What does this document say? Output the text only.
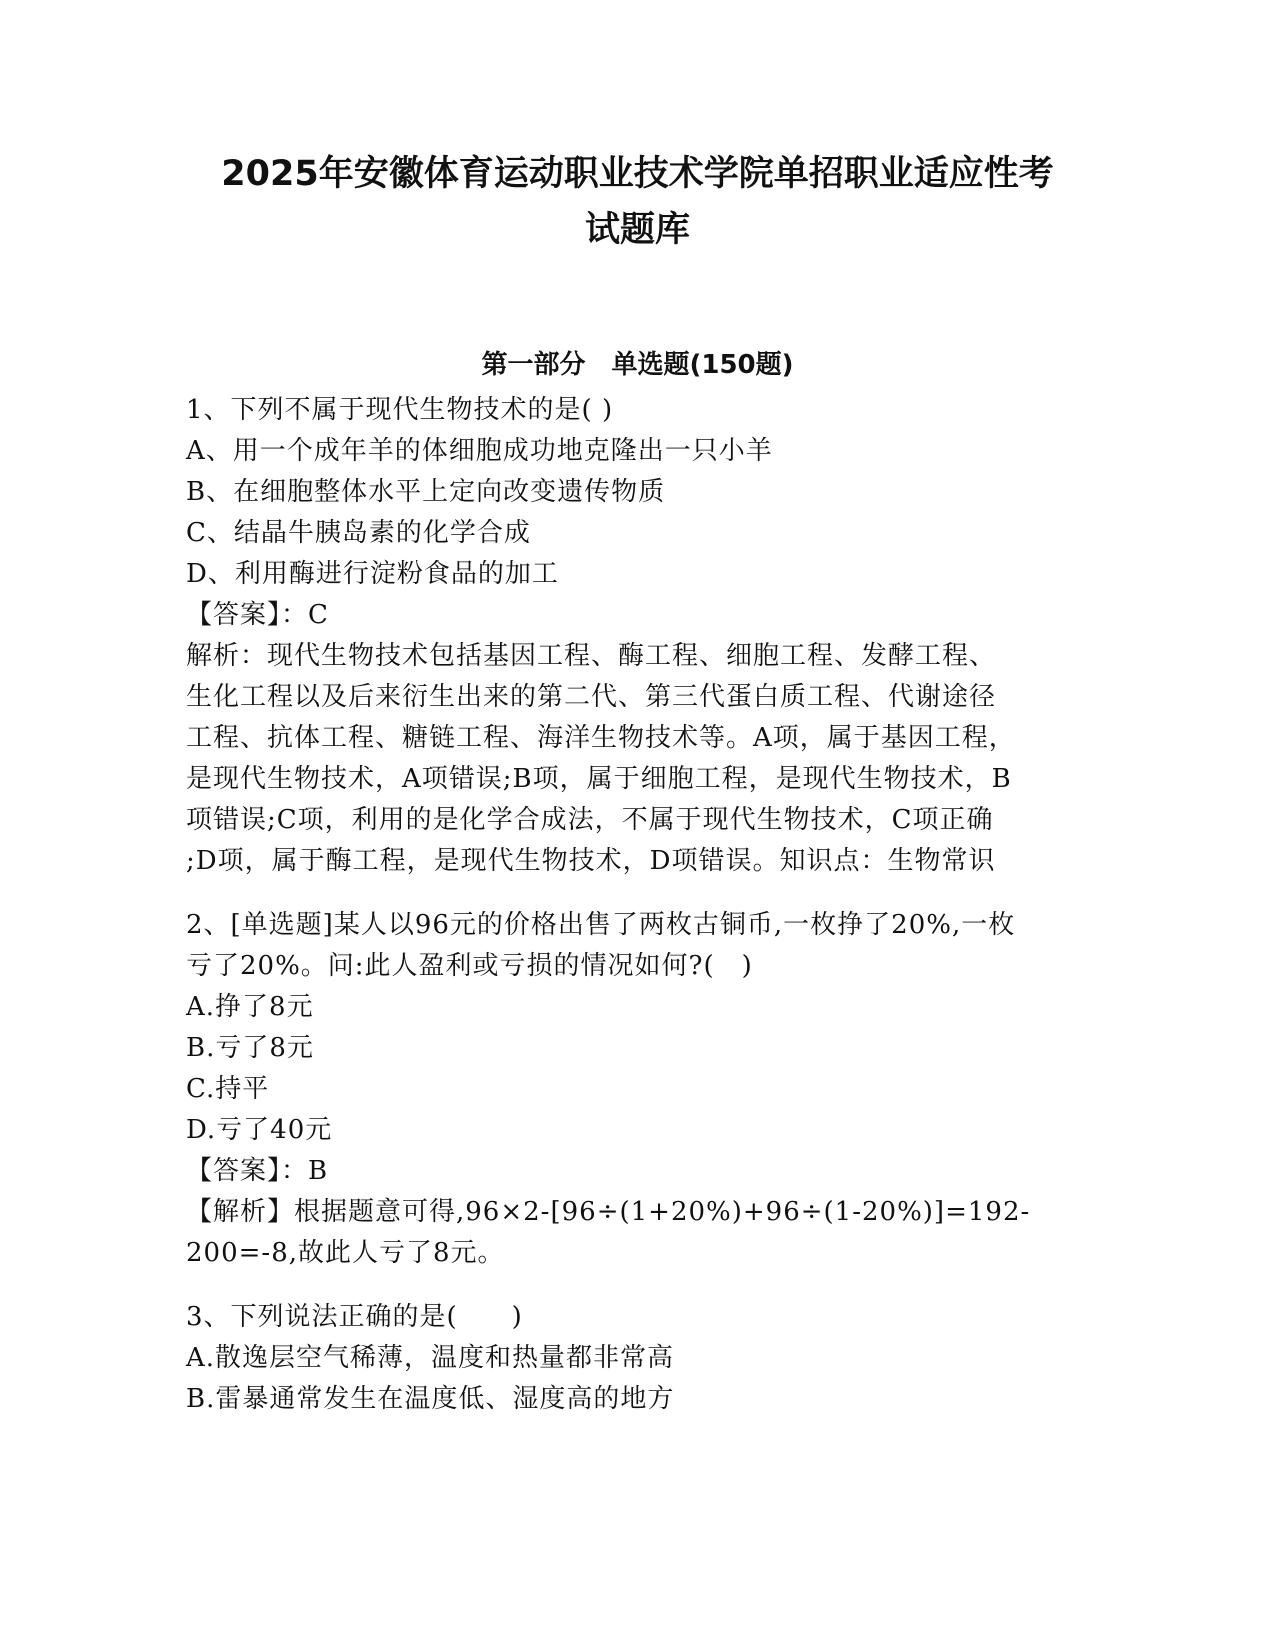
2025年安徽体育运动职业技术学院单招职业适应性考
试题库
第一部分　单选题(150题)

1、下列不属于现代生物技术的是( )

A、用一个成年羊的体细胞成功地克隆出一只小羊

B、在细胞整体水平上定向改变遗传物质

C、结晶牛胰岛素的化学合成

D、利用酶进行淀粉食品的加工

【答案】：C

解析：现代生物技术包括基因工程、酶工程、细胞工程、发酵工程、

生化工程以及后来衍生出来的第二代、第三代蛋白质工程、代谢途径

工程、抗体工程、糖链工程、海洋生物技术等。A项，属于基因工程，

是现代生物技术，A项错误;B项，属于细胞工程，是现代生物技术，B

项错误;C项，利用的是化学合成法，不属于现代生物技术，C项正确

;D项，属于酶工程，是现代生物技术，D项错误。知识点：生物常识

2、[单选题]某人以96元的价格出售了两枚古铜币,一枚挣了20%,一枚

亏了20%。问:此人盈利或亏损的情况如何?(　)

A.挣了8元

B.亏了8元

C.持平

D.亏了40元

【答案】：B

【解析】根据题意可得,96×2-[96÷(1+20%)+96÷(1-20%)]=192-

200=-8,故此人亏了8元。

3、下列说法正确的是(　　)

A.散逸层空气稀薄，温度和热量都非常高

B.雷暴通常发生在温度低、湿度高的地方
